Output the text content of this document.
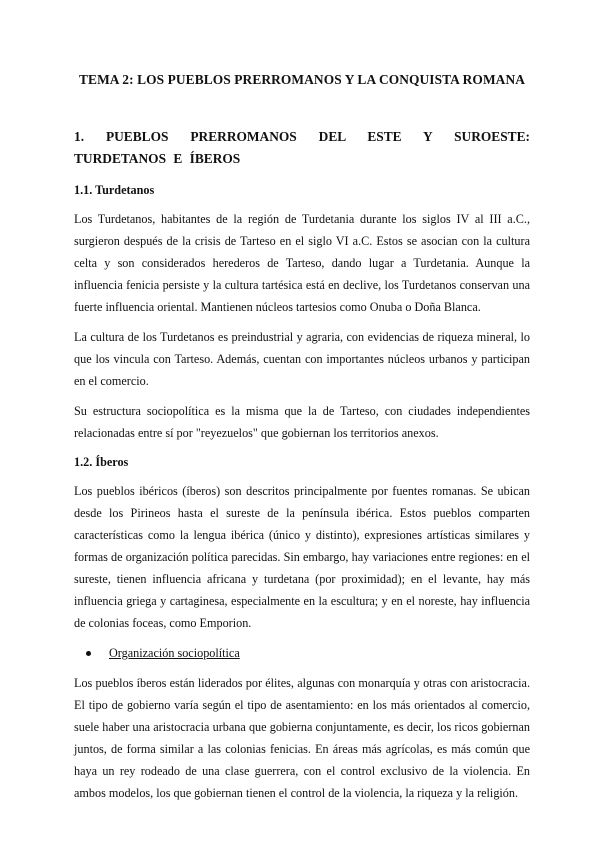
TEMA 2: LOS PUEBLOS PRERROMANOS Y LA CONQUISTA ROMANA
1. PUEBLOS PRERROMANOS DEL ESTE Y SUROESTE: TURDETANOS E ÍBEROS
1.1. Turdetanos

Los Turdetanos, habitantes de la región de Turdetania durante los siglos IV al III a.C., surgieron después de la crisis de Tarteso en el siglo VI a.C. Estos se asocian con la cultura celta y son considerados herederos de Tarteso, dando lugar a Turdetania. Aunque la influencia fenicia persiste y la cultura tartésica está en declive, los Turdetanos conservan una fuerte influencia oriental. Mantienen núcleos tartesios como Onuba o Doña Blanca.

La cultura de los Turdetanos es preindustrial y agraria, con evidencias de riqueza mineral, lo que los vincula con Tarteso. Además, cuentan con importantes núcleos urbanos y participan en el comercio.

Su estructura sociopolítica es la misma que la de Tarteso, con ciudades independientes relacionadas entre sí por "reyezuelos" que gobiernan los territorios anexos.

1.2. Íberos

Los pueblos ibéricos (íberos) son descritos principalmente por fuentes romanas. Se ubican desde los Pirineos hasta el sureste de la península ibérica. Estos pueblos comparten características como la lengua ibérica (único y distinto), expresiones artísticas similares y formas de organización política parecidas. Sin embargo, hay variaciones entre regiones: en el sureste, tienen influencia africana y turdetana (por proximidad); en el levante, hay más influencia griega y cartaginesa, especialmente en la escultura; y en el noreste, hay influencia de colonias foceas, como Emporion.

Organización sociopolítica

Los pueblos íberos están liderados por élites, algunas con monarquía y otras con aristocracia. El tipo de gobierno varía según el tipo de asentamiento: en los más orientados al comercio, suele haber una aristocracia urbana que gobierna conjuntamente, es decir, los ricos gobiernan juntos, de forma similar a las colonias fenicias. En áreas más agrícolas, es más común que haya un rey rodeado de una clase guerrera, con el control exclusivo de la violencia. En ambos modelos, los que gobiernan tienen el control de la violencia, la riqueza y la religión.
